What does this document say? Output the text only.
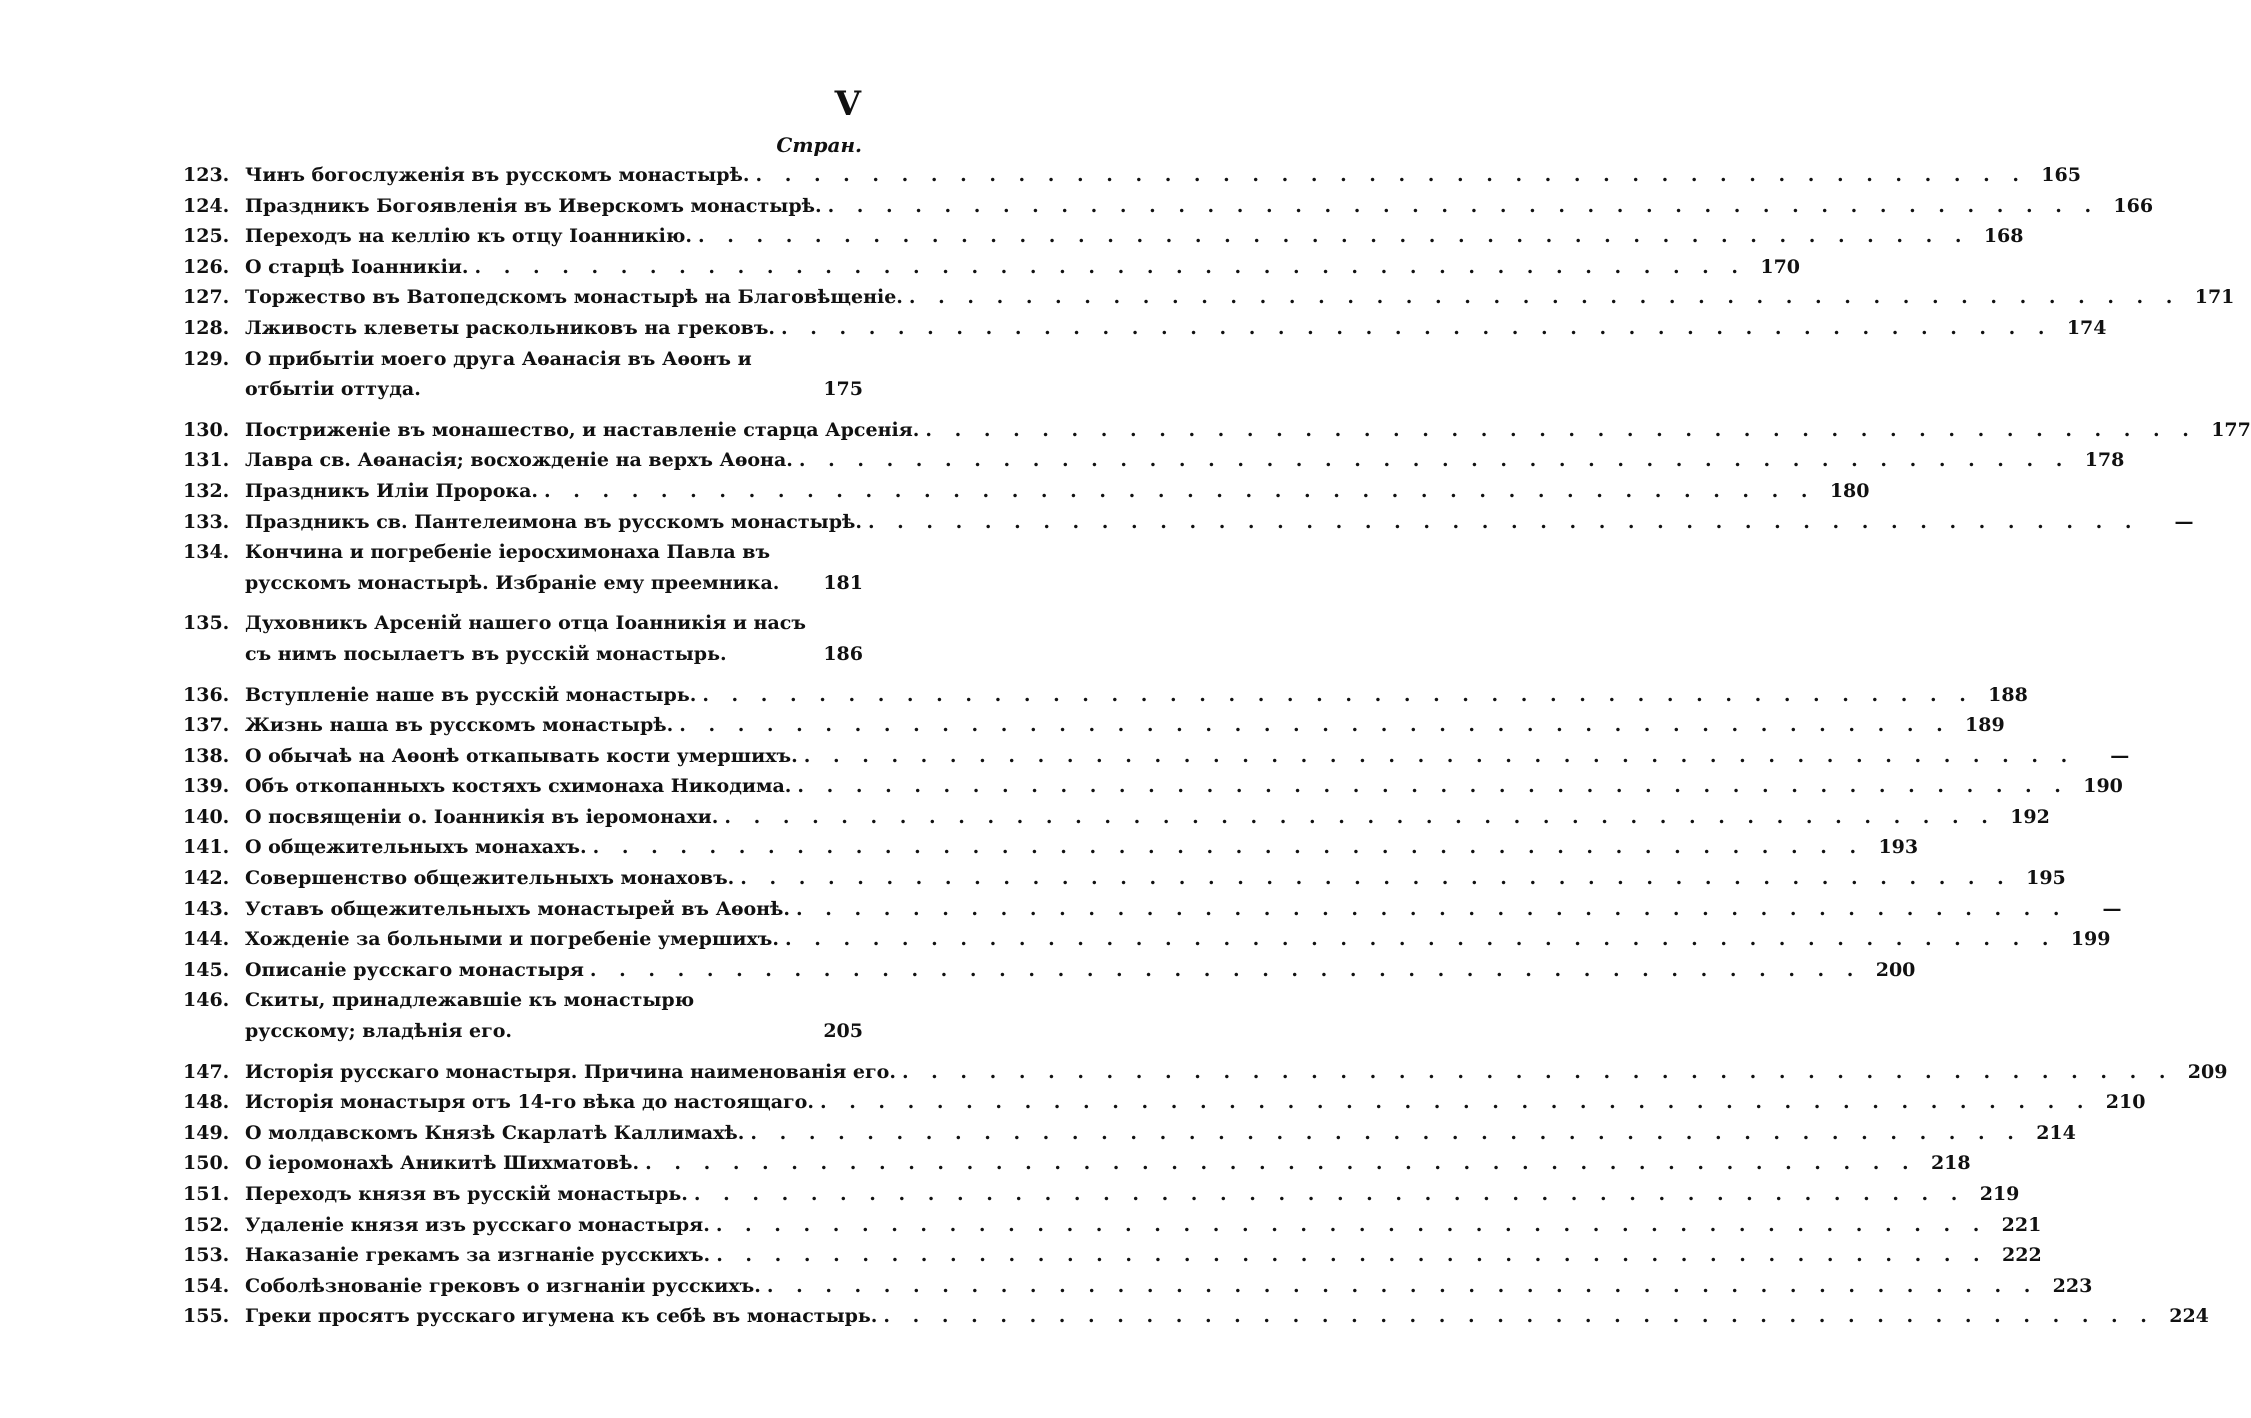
V
Стран.
123. Чинъ богослуженія въ русскомъ монастырѣ. . . .	165
124. Праздникъ Богоявленія въ Иверскомъ монастырѣ. . . .	166
125. Переходъ на келлію къ отцу Іоанникію. . . .	168
126. О старцѣ Іоанникіи. . . .	170
127. Торжество въ Ватопедскомъ монастырѣ на Благовѣщеніе. . . .	171
128. Лживость клеветы раскольниковъ на грековъ. . . .	174
129. О прибытіи моего друга Аѳанасія въ Аѳонъ и отбытіи оттуда.	175
130. Постриженіе въ монашество, и наставленіе старца Арсенія. . . .	177
131. Лавра св. Аѳанасія; восхожденіе на верхъ Аѳона. . . .	178
132. Праздникъ Иліи Пророка. . . .	180
133. Праздникъ св. Пантелеимона въ русскомъ монастырѣ. . . .	—
134. Кончина и погребеніе іеросхимонаха Павла въ русскомъ монастырѣ. Избраніе ему преемника.	181
135. Духовникъ Арсеній нашего отца Іоанникія и насъ съ нимъ посылаетъ въ русскій монастырь.	186
136. Вступленіе наше въ русскій монастырь. . . .	188
137. Жизнь наша въ русскомъ монастырѣ. . . .	189
138. О обычаѣ на Аѳонѣ откапывать кости умершихъ. . . .	—
139. Объ откопанныхъ костяхъ схимонаха Никодима. . . .	190
140. О посвященіи о. Іоанникія въ іеромонахи. . . .	192
141. О общежительныхъ монахахъ. . . .	193
142. Совершенство общежительныхъ монаховъ. . . .	195
143. Уставъ общежительныхъ монастырей въ Аѳонѣ. . . .	—
144. Хожденіе за больными и погребеніе умершихъ. . . .	199
145. Описаніе русскаго монастыря . . .	200
146. Скиты, принадлежавшіе къ монастырю русскому; владѣнія его.	205
147. Исторія русскаго монастыря. Причина наименованія его. . . .	209
148. Исторія монастыря отъ 14-го вѣка до настоящаго. . . .	210
149. О молдавскомъ Князѣ Скарлатѣ Каллимахѣ. . . .	214
150. О іеромонахѣ Аникитѣ Шихматовѣ. . . .	218
151. Переходъ князя въ русскій монастырь. . . .	219
152. Удаленіе князя изъ русскаго монастыря. . . .	221
153. Наказаніе грекамъ за изгнаніе русскихъ. . . .	222
154. Соболѣзнованіе грековъ о изгнаніи русскихъ. . . .	223
155. Греки просятъ русскаго игумена къ себѣ въ монастырь. . . .	224
